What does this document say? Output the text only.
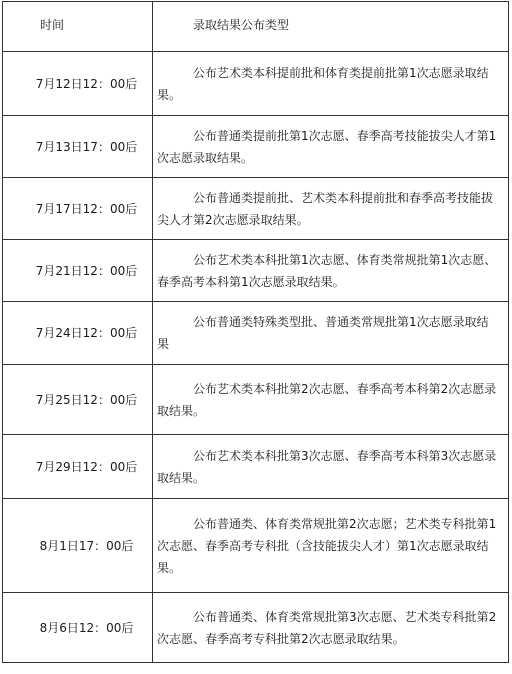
时间	录取结果公布类型
7月12日12：00后	公布艺术类本科提前批和体育类提前批第1次志愿录取结果。
7月13日17：00后	公布普通类提前批第1次志愿、春季高考技能拔尖人才第1次志愿录取结果。
7月17日12：00后	公布普通类提前批、艺术类本科提前批和春季高考技能拔尖人才第2次志愿录取结果。
7月21日12：00后	公布艺术类本科批第1次志愿、体育类常规批第1次志愿、春季高考本科第1次志愿录取结果。
7月24日12：00后	公布普通类特殊类型批、普通类常规批第1次志愿录取结果
7月25日12：00后	公布艺术类本科批第2次志愿、春季高考本科第2次志愿录取结果。
7月29日12：00后	公布艺术类本科批第3次志愿、春季高考本科第3次志愿录取结果。
8月1日17：00后	公布普通类、体育类常规批第2次志愿；艺术类专科批第1次志愿、春季高考专科批（含技能拔尖人才）第1次志愿录取结果。
8月6日12：00后	公布普通类、体育类常规批第3次志愿、艺术类专科批第2次志愿、春季高考专科批第2次志愿录取结果。
